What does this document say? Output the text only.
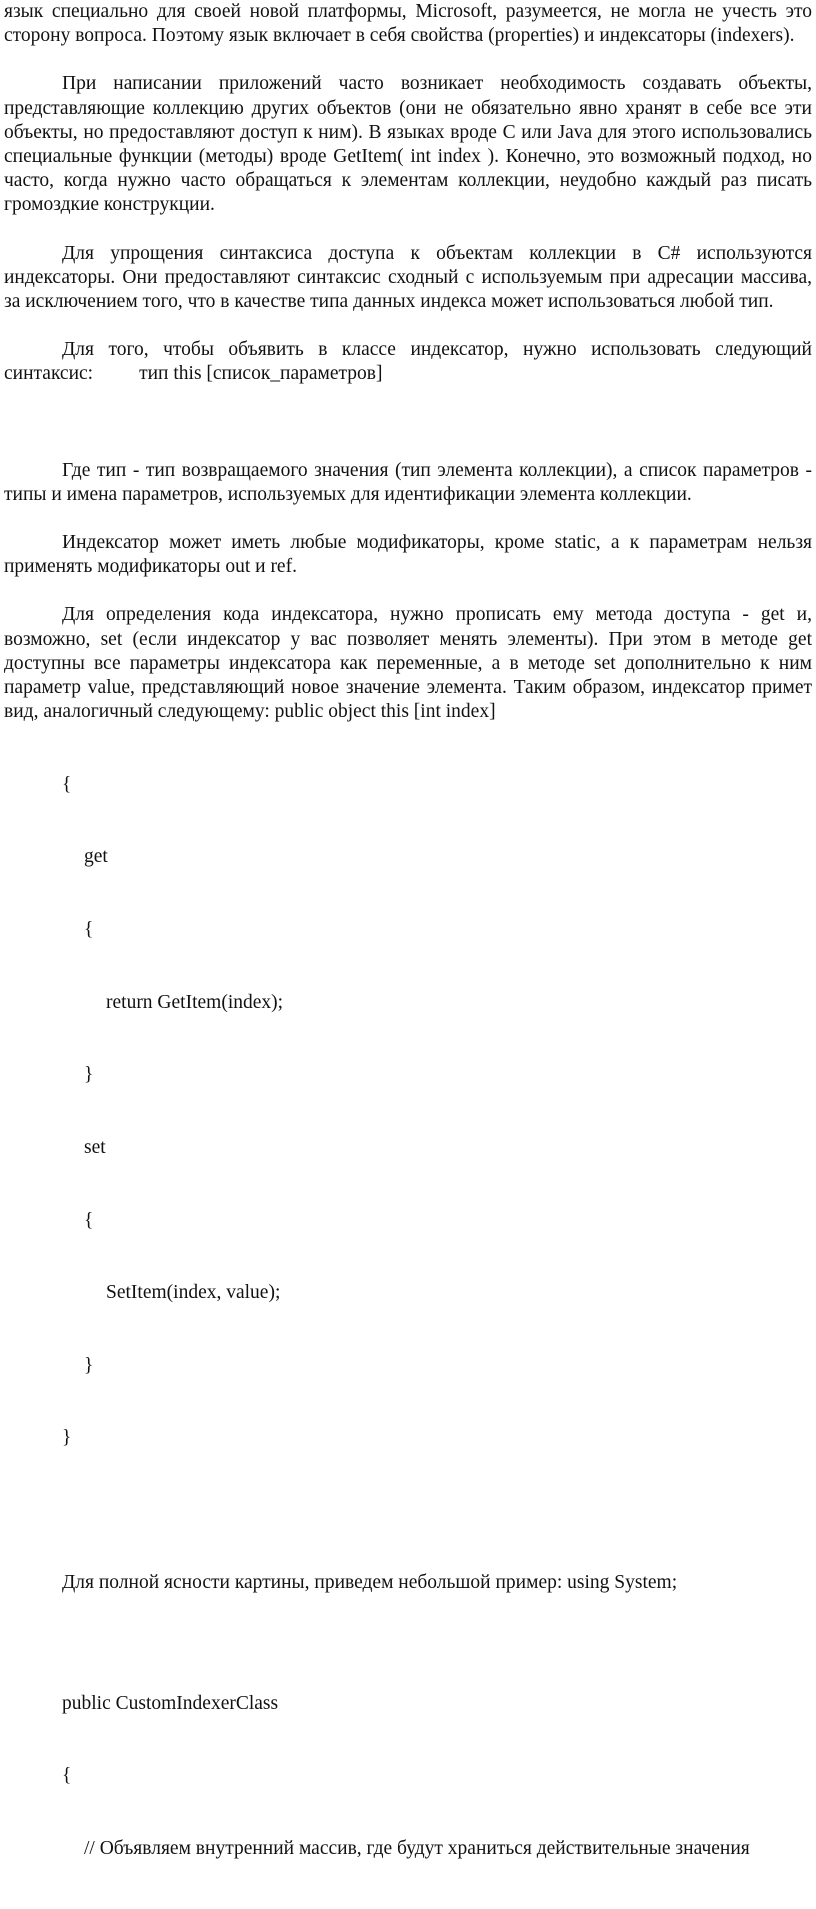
язык специально для своей новой платформы, Microsoft, разумеется, не могла не учесть это сторону вопроса. Поэтому язык включает в себя свойства (properties) и индексаторы (indexers).

При написании приложений часто возникает необходимость создавать объекты, представляющие коллекцию других объектов (они не обязательно явно хранят в себе все эти объекты, но предоставляют доступ к ним). В языках вроде С или Java для этого использовались специальные функции (методы) вроде GetItem( int index ). Конечно, это возможный подход, но часто, когда нужно часто обращаться к элементам коллекции, неудобно каждый раз писать громоздкие конструкции.

Для упрощения синтаксиса доступа к объектам коллекции в C# используются индексаторы. Они предоставляют синтаксис сходный с используемым при адресации массива, за исключением того, что в качестве типа данных индекса может использоваться любой тип.

Для того, чтобы объявить в классе индексатор, нужно использовать следующий синтаксис: тип this [список_параметров]

Где тип - тип возвращаемого значения (тип элемента коллекции), а список параметров - типы и имена параметров, используемых для идентификации элемента коллекции.

Индексатор может иметь любые модификаторы, кроме static, а к параметрам нельзя применять модификаторы out и ref.

Для определения кода индексатора, нужно прописать ему метода доступа - get и, возможно, set (если индексатор у вас позволяет менять элементы). При этом в методе get доступны все параметры индексатора как переменные, а в методе set дополнительно к ним параметр value, представляющий новое значение элемента. Таким образом, индексатор примет вид, аналогичный следующему: public object this [int index]

{

get

{

return GetItem(index);

}

set

{

SetItem(index, value);

}

}

Для полной ясности картины, приведем небольшой пример: using System;

public CustomIndexerClass

{

// Объявляем внутренний массив, где будут храниться действительные значения
